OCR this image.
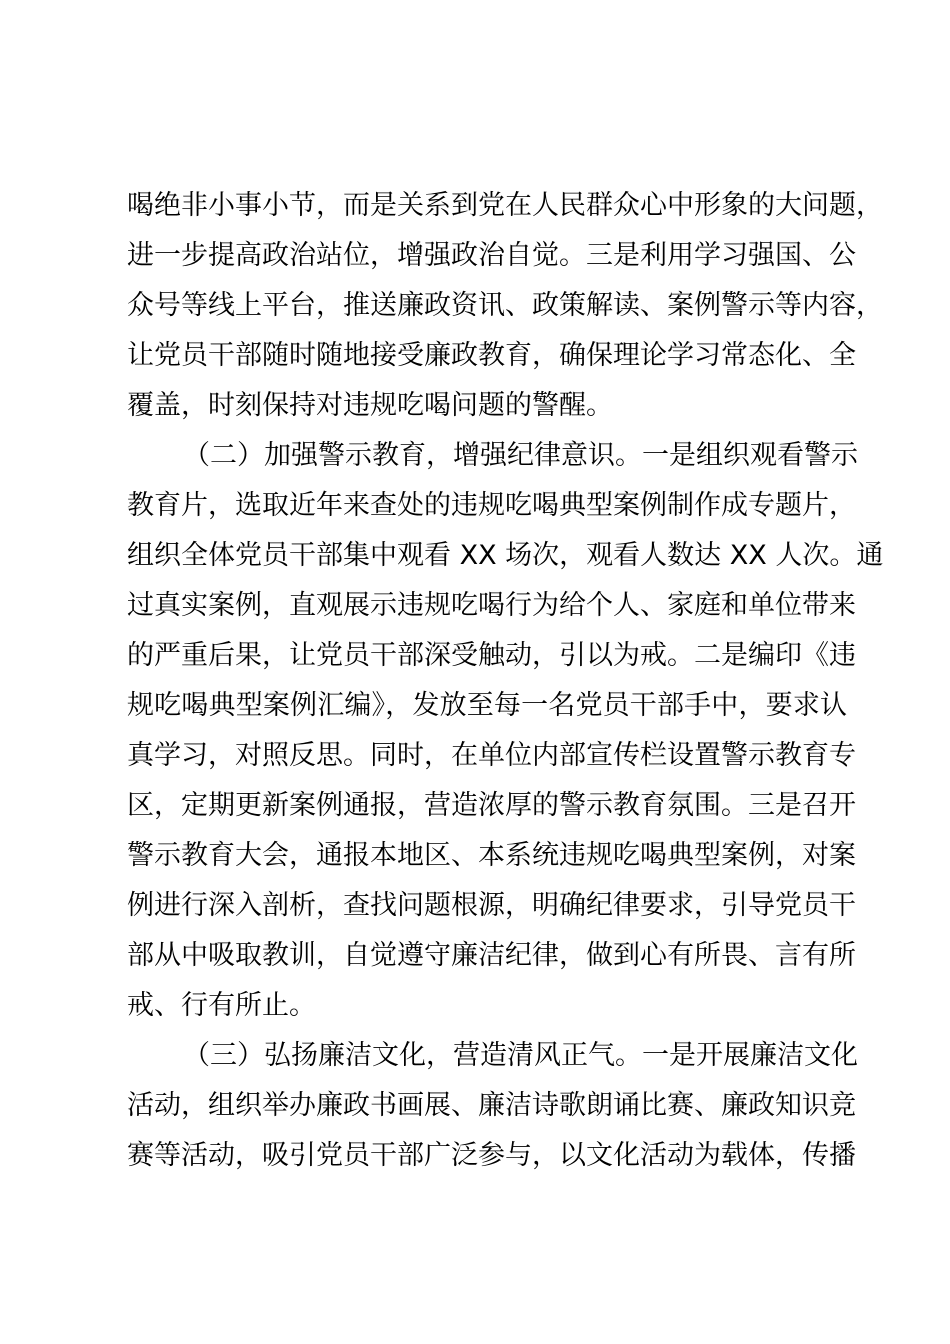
喝绝非小事小节，而是关系到党在人民群众心中形象的大问题，
进一步提高政治站位，增强政治自觉。三是利用学习强国、公
众号等线上平台，推送廉政资讯、政策解读、案例警示等内容，
让党员干部随时随地接受廉政教育，确保理论学习常态化、全
覆盖，时刻保持对违规吃喝问题的警醒。
（二）加强警示教育，增强纪律意识。一是组织观看警示
教育片，选取近年来查处的违规吃喝典型案例制作成专题片，
组织全体党员干部集中观看 XX 场次，观看人数达 XX 人次。通
过真实案例，直观展示违规吃喝行为给个人、家庭和单位带来
的严重后果，让党员干部深受触动，引以为戒。二是编印《违
规吃喝典型案例汇编》，发放至每一名党员干部手中，要求认
真学习，对照反思。同时，在单位内部宣传栏设置警示教育专
区，定期更新案例通报，营造浓厚的警示教育氛围。三是召开
警示教育大会，通报本地区、本系统违规吃喝典型案例，对案
例进行深入剖析，查找问题根源，明确纪律要求，引导党员干
部从中吸取教训，自觉遵守廉洁纪律，做到心有所畏、言有所
戒、行有所止。
（三）弘扬廉洁文化，营造清风正气。一是开展廉洁文化
活动，组织举办廉政书画展、廉洁诗歌朗诵比赛、廉政知识竞
赛等活动，吸引党员干部广泛参与，以文化活动为载体，传播
